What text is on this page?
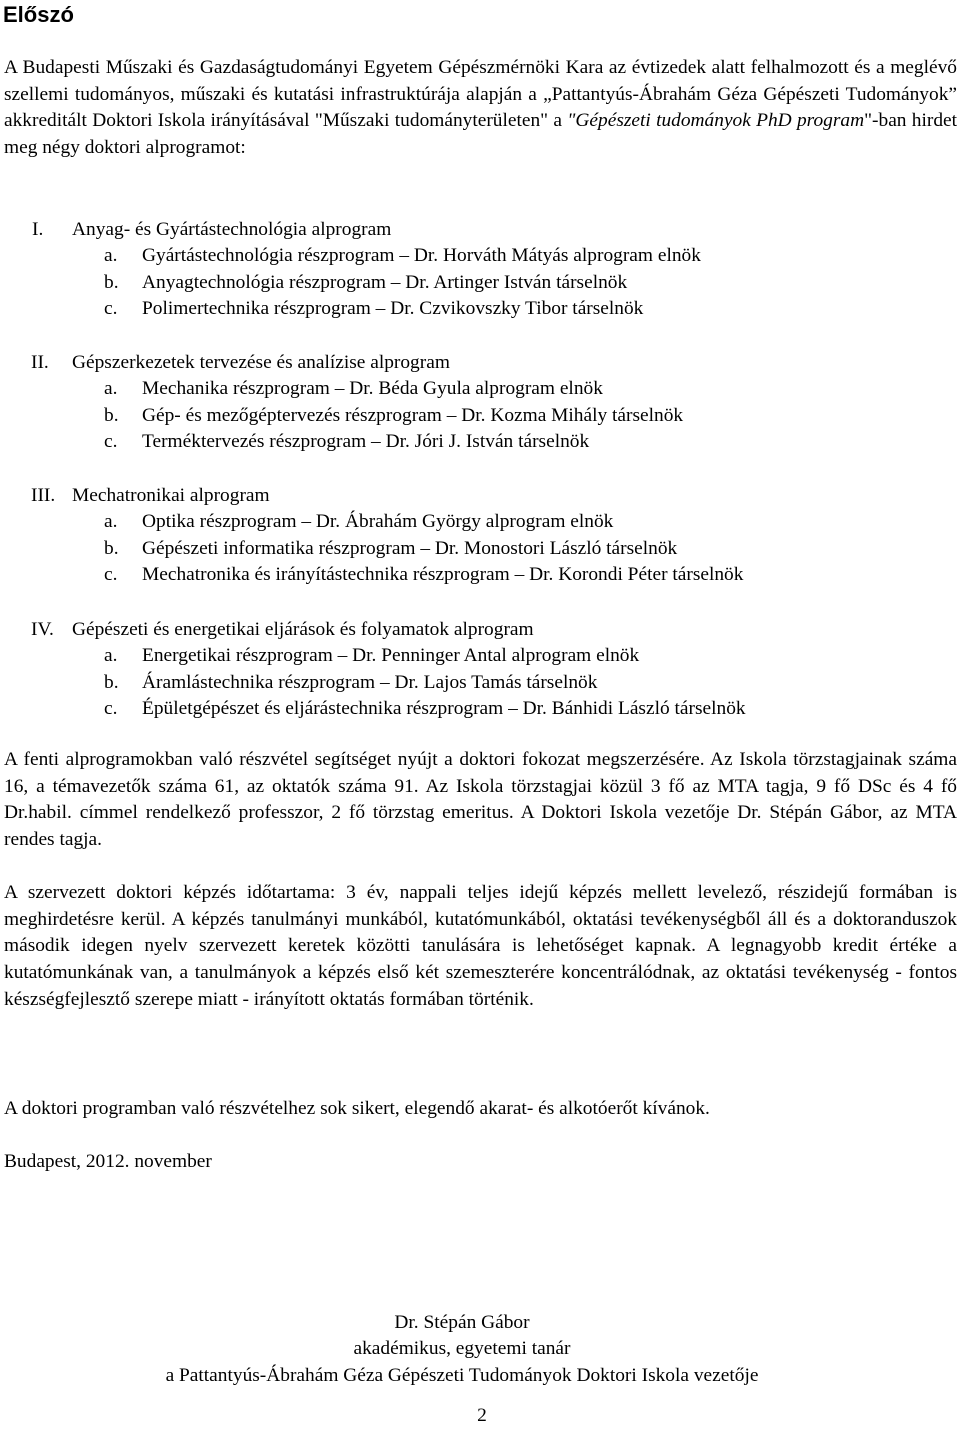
Előszó

A Budapesti Műszaki és Gazdaságtudományi Egyetem Gépészmérnöki Kara az évtizedek alatt felhalmozott és a meglévő szellemi tudományos, műszaki és kutatási infrastruktúrája alapján a „Pattantyús-Ábrahám Géza Gépészeti Tudományok” akkreditált Doktori Iskola irányításával "Műszaki tudományterületen" a "Gépészeti tudományok PhD program"-ban hirdet meg négy doktori alprogramot:

I. Anyag- és Gyártástechnológia alprogram
a. Gyártástechnológia részprogram – Dr. Horváth Mátyás alprogram elnök
b. Anyagtechnológia részprogram – Dr. Artinger István társelnök
c. Polimertechnika részprogram – Dr. Czvikovszky Tibor társelnök
II. Gépszerkezetek tervezése és analízise alprogram
a. Mechanika részprogram – Dr. Béda Gyula alprogram elnök
b. Gép- és mezőgéptervezés részprogram – Dr. Kozma Mihály társelnök
c. Terméktervezés részprogram – Dr. Jóri J. István társelnök
III. Mechatronikai alprogram
a. Optika részprogram – Dr. Ábrahám György alprogram elnök
b. Gépészeti informatika részprogram – Dr. Monostori László társelnök
c. Mechatronika és irányítástechnika részprogram – Dr. Korondi Péter társelnök
IV. Gépészeti és energetikai eljárások és folyamatok alprogram
a. Energetikai részprogram – Dr. Penninger Antal alprogram elnök
b. Áramlástechnika részprogram – Dr. Lajos Tamás társelnök
c. Épületgépészet és eljárástechnika részprogram – Dr. Bánhidi László társelnök

A fenti alprogramokban való részvétel segítséget nyújt a doktori fokozat megszerzésére. Az Iskola törzstagjainak száma 16, a témavezetők száma 61, az oktatók száma 91. Az Iskola törzstagjai közül 3 fő az MTA tagja, 9 fő DSc és 4 fő Dr.habil. címmel rendelkező professzor, 2 fő törzstag emeritus. A Doktori Iskola vezetője Dr. Stépán Gábor, az MTA rendes tagja.

A szervezett doktori képzés időtartama: 3 év, nappali teljes idejű képzés mellett levelező, részidejű formában is meghirdetésre kerül. A képzés tanulmányi munkából, kutatómunkából, oktatási tevékenységből áll és a doktoranduszok második idegen nyelv szervezett keretek közötti tanulására is lehetőséget kapnak. A legnagyobb kredit értéke a kutatómunkának van, a tanulmányok a képzés első két szemeszterére koncentrálódnak, az oktatási tevékenység - fontos készségfejlesztő szerepe miatt - irányított oktatás formában történik.

A doktori programban való részvételhez sok sikert, elegendő akarat- és alkotóerőt kívánok.

Budapest, 2012. november

Dr. Stépán Gábor

akadémikus, egyetemi tanár

a Pattantyús-Ábrahám Géza Gépészeti Tudományok Doktori Iskola vezetője

2
